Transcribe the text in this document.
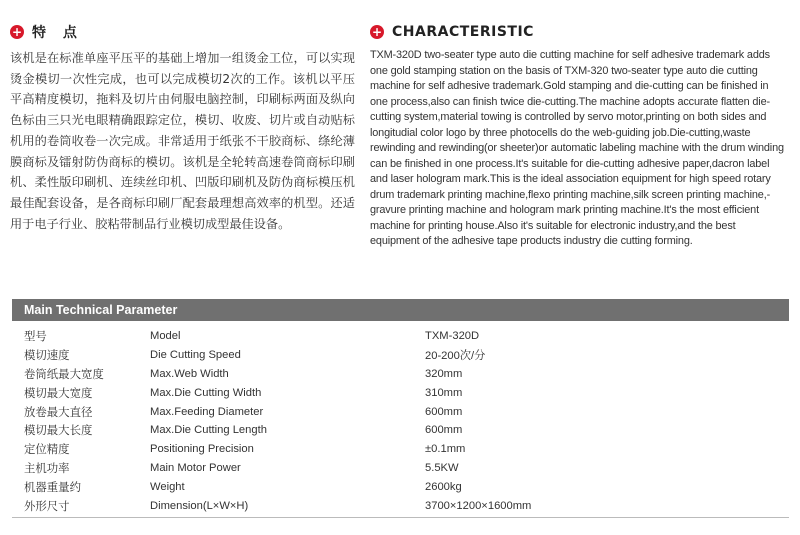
+ 特 点
该机是在标准单座平压平的基础上增加一组烫金工位，可以实现烫金模切一次性完成，也可以完成模切2次的工作。该机以平压平高精度模切，拖料及切片由伺服电脑控制，印刷标两面及纵向色标由三只光电眼精确跟踪定位，模切、收废、切片或自动贴标机用的卷筒收卷一次完成。非常适用于纸张不干胶商标、绦纶薄膜商标及镭射防伪商标的模切。该机是全轮转高速卷筒商标印刷机、柔性版印刷机、连续丝印机、凹版印刷机及防伪商标模压机最佳配套设备，是各商标印刷厂配套最理想高效率的机型。还适用于电子行业、胶粘带制品行业模切成型最佳设备。
+ CHARACTERISTIC
TXM-320D two-seater type auto die cutting machine for self adhesive trademark adds one gold stamping station on the basis of TXM-320 two-seater type auto die cutting machine for self adhesive trademark.Gold stamping and die-cutting can be finished in one process,also can finish twice die-cutting.The machine adopts accurate flatten die-cutting system,material towing is controlled by servo motor,printing on both sides and longitudial color logo by three photocells do the web-guiding job.Die-cutting,waste rewinding and rewinding(or sheeter)or automatic labeling machine with the drum winding can be finished in one process.It's suitable for die-cutting adhesive paper,dacron label and laser hologram mark.This is the ideal association equipment for high speed rotary drum trademark printing machine,flexo printing machine,silk screen printing machine,-gravure printing machine and hologram mark printing machine.It's the most efficient machine for printing house.Also it's suitable for electronic industry,and the best equipment of the adhesive tape products industry die cutting forming.
Main Technical Parameter
型号	Model	TXM-320D
模切速度	Die Cutting Speed	20-200次/分
卷筒纸最大宽度	Max.Web Width	320mm
模切最大宽度	Max.Die Cutting Width	310mm
放卷最大直径	Max.Feeding Diameter	600mm
模切最大长度	Max.Die Cutting Length	600mm
定位精度	Positioning Precision	±0.1mm
主机功率	Main Motor Power	5.5KW
机器重量约	Weight	2600kg
外形尺寸	Dimension(L×W×H)	3700×1200×1600mm
